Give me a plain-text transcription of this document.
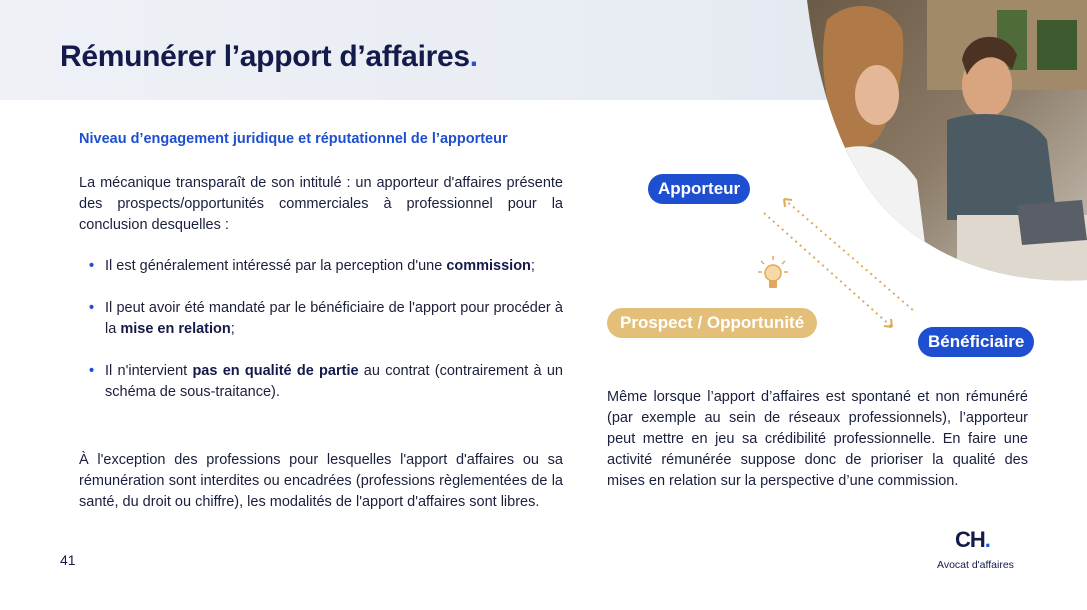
Rémunérer l’apport d’affaires.
Niveau d’engagement juridique et réputationnel de l’apporteur
La mécanique transparaît de son intitulé : un apporteur d'affaires présente des prospects/opportunités commerciales à professionnel pour la conclusion desquelles :
• Il est généralement intéressé par la perception d'une commission;
• Il peut avoir été mandaté par le bénéficiaire de l'apport pour procéder à la mise en relation;
• Il n'intervient pas en qualité de partie au contrat (contrairement à un schéma de sous-traitance).
À l'exception des professions pour lesquelles l'apport d'affaires ou sa rémunération sont interdites ou encadrées (professions règlementées de la santé, du droit ou chiffre), les modalités de l'apport d'affaires sont libres.
Apporteur
Bénéficiaire
Prospect / Opportunité
Même lorsque l’apport d’affaires est spontané et non rémunéré (par exemple au sein de réseaux professionnels), l’apporteur peut mettre en jeu sa crédibilité professionnelle. En faire une activité rémunérée suppose donc de prioriser la qualité des mises en relation sur la perspective d’une commission.
41
CH.
Avocat d'affaires
